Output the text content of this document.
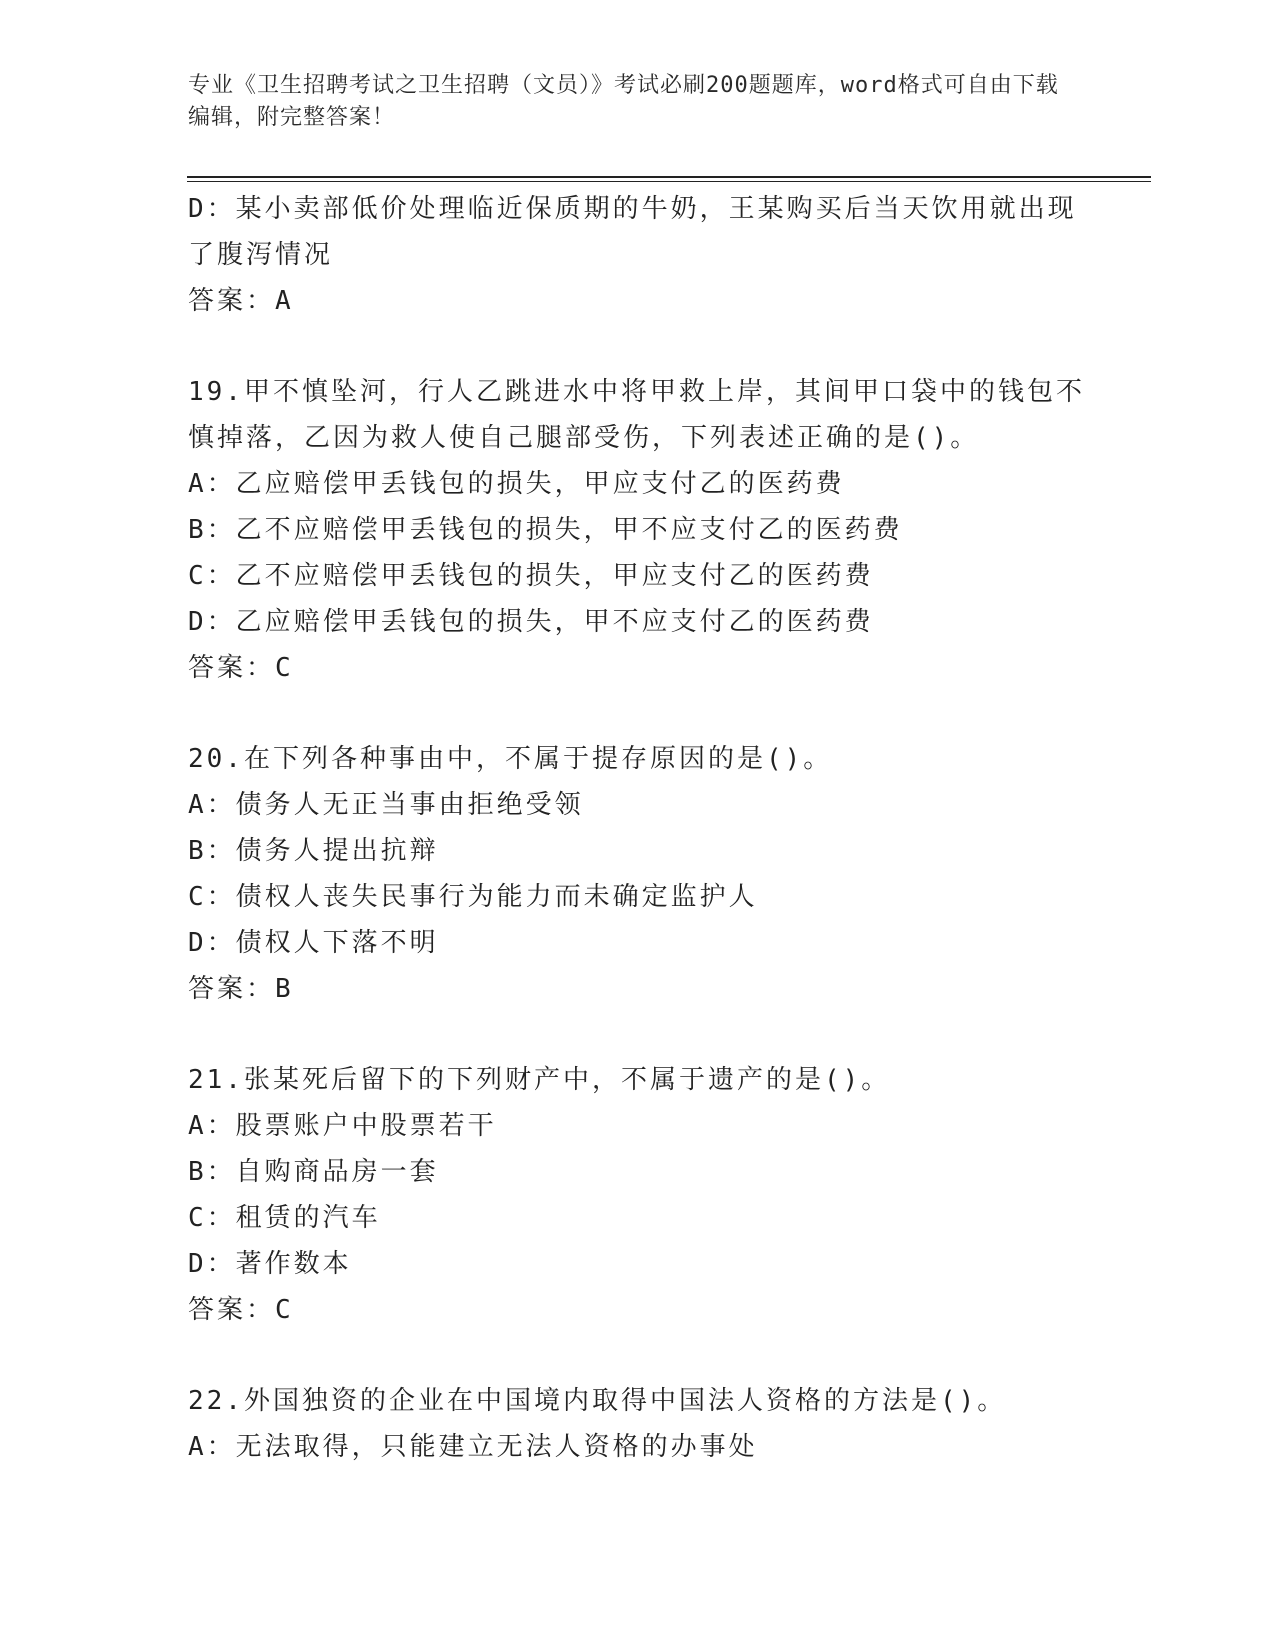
专业《卫生招聘考试之卫生招聘（文员）》考试必刷200题题库，word格式可自由下载编辑，附完整答案！

D：某小卖部低价处理临近保质期的牛奶，王某购买后当天饮用就出现了腹泻情况

答案：A

19.甲不慎坠河，行人乙跳进水中将甲救上岸，其间甲口袋中的钱包不慎掉落，乙因为救人使自己腿部受伤，下列表述正确的是()。

A：乙应赔偿甲丢钱包的损失，甲应支付乙的医药费

B：乙不应赔偿甲丢钱包的损失，甲不应支付乙的医药费

C：乙不应赔偿甲丢钱包的损失，甲应支付乙的医药费

D：乙应赔偿甲丢钱包的损失，甲不应支付乙的医药费

答案：C

20.在下列各种事由中，不属于提存原因的是()。

A：债务人无正当事由拒绝受领

B：债务人提出抗辩

C：债权人丧失民事行为能力而未确定监护人

D：债权人下落不明

答案：B

21.张某死后留下的下列财产中，不属于遗产的是()。

A：股票账户中股票若干

B：自购商品房一套

C：租赁的汽车

D：著作数本

答案：C

22.外国独资的企业在中国境内取得中国法人资格的方法是()。

A：无法取得，只能建立无法人资格的办事处
